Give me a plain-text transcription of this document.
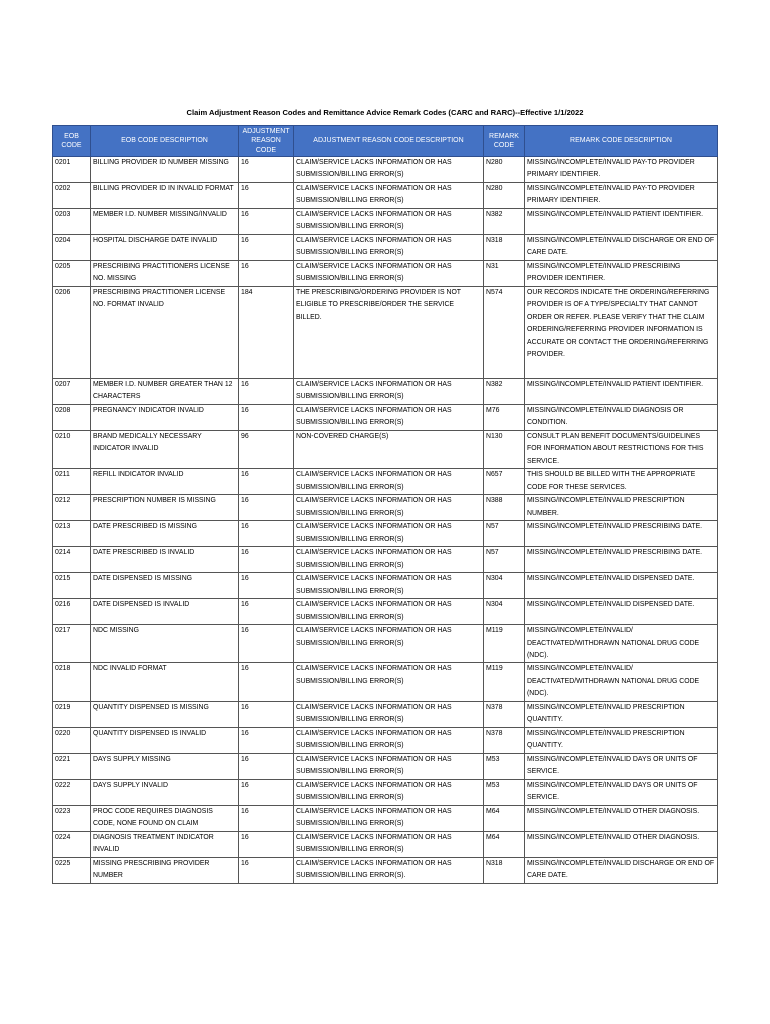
Claim Adjustment Reason Codes and Remittance Advice Remark Codes (CARC and RARC)--Effective 1/1/2022
EOB CODE	EOB CODE DESCRIPTION	ADJUSTMENT REASON CODE	ADJUSTMENT REASON CODE DESCRIPTION	REMARK CODE	REMARK CODE DESCRIPTION
0201	BILLING PROVIDER ID NUMBER MISSING	16	CLAIM/SERVICE LACKS INFORMATION OR HAS SUBMISSION/BILLING ERROR(S)	N280	MISSING/INCOMPLETE/INVALID PAY-TO PROVIDER PRIMARY IDENTIFIER.
0202	BILLING PROVIDER ID IN INVALID FORMAT	16	CLAIM/SERVICE LACKS INFORMATION OR HAS SUBMISSION/BILLING ERROR(S)	N280	MISSING/INCOMPLETE/INVALID PAY-TO PROVIDER PRIMARY IDENTIFIER.
0203	MEMBER I.D. NUMBER MISSING/INVALID	16	CLAIM/SERVICE LACKS INFORMATION OR HAS SUBMISSION/BILLING ERROR(S)	N382	MISSING/INCOMPLETE/INVALID PATIENT IDENTIFIER.
0204	HOSPITAL DISCHARGE DATE INVALID	16	CLAIM/SERVICE LACKS INFORMATION OR HAS SUBMISSION/BILLING ERROR(S)	N318	MISSING/INCOMPLETE/INVALID DISCHARGE OR END OF CARE DATE.
0205	PRESCRIBING PRACTITIONERS LICENSE NO. MISSING	16	CLAIM/SERVICE LACKS INFORMATION OR HAS SUBMISSION/BILLING ERROR(S)	N31	MISSING/INCOMPLETE/INVALID PRESCRIBING PROVIDER IDENTIFIER.
0206	PRESCRIBING PRACTITIONER LICENSE NO. FORMAT INVALID	184	THE PRESCRIBING/ORDERING PROVIDER IS NOT ELIGIBLE TO PRESCRIBE/ORDER THE SERVICE BILLED.	N574	OUR RECORDS INDICATE THE ORDERING/REFERRING PROVIDER IS OF A TYPE/SPECIALTY THAT CANNOT ORDER OR REFER. PLEASE VERIFY THAT THE CLAIM ORDERING/REFERRING PROVIDER INFORMATION IS ACCURATE OR CONTACT THE ORDERING/REFERRING PROVIDER.
0207	MEMBER I.D. NUMBER GREATER THAN 12 CHARACTERS	16	CLAIM/SERVICE LACKS INFORMATION OR HAS SUBMISSION/BILLING ERROR(S)	N382	MISSING/INCOMPLETE/INVALID PATIENT IDENTIFIER.
0208	PREGNANCY INDICATOR INVALID	16	CLAIM/SERVICE LACKS INFORMATION OR HAS SUBMISSION/BILLING ERROR(S)	M76	MISSING/INCOMPLETE/INVALID DIAGNOSIS OR CONDITION.
0210	BRAND MEDICALLY NECESSARY INDICATOR INVALID	96	NON-COVERED CHARGE(S)	N130	CONSULT PLAN BENEFIT DOCUMENTS/GUIDELINES FOR INFORMATION ABOUT RESTRICTIONS FOR THIS SERVICE.
0211	REFILL INDICATOR INVALID	16	CLAIM/SERVICE LACKS INFORMATION OR HAS SUBMISSION/BILLING ERROR(S)	N657	THIS SHOULD BE BILLED WITH THE APPROPRIATE CODE FOR THESE SERVICES.
0212	PRESCRIPTION NUMBER IS MISSING	16	CLAIM/SERVICE LACKS INFORMATION OR HAS SUBMISSION/BILLING ERROR(S)	N388	MISSING/INCOMPLETE/INVALID PRESCRIPTION NUMBER.
0213	DATE PRESCRIBED IS MISSING	16	CLAIM/SERVICE LACKS INFORMATION OR HAS SUBMISSION/BILLING ERROR(S)	N57	MISSING/INCOMPLETE/INVALID PRESCRIBING DATE.
0214	DATE PRESCRIBED IS INVALID	16	CLAIM/SERVICE LACKS INFORMATION OR HAS SUBMISSION/BILLING ERROR(S)	N57	MISSING/INCOMPLETE/INVALID PRESCRIBING DATE.
0215	DATE DISPENSED IS MISSING	16	CLAIM/SERVICE LACKS INFORMATION OR HAS SUBMISSION/BILLING ERROR(S)	N304	MISSING/INCOMPLETE/INVALID DISPENSED DATE.
0216	DATE DISPENSED IS INVALID	16	CLAIM/SERVICE LACKS INFORMATION OR HAS SUBMISSION/BILLING ERROR(S)	N304	MISSING/INCOMPLETE/INVALID DISPENSED DATE.
0217	NDC MISSING	16	CLAIM/SERVICE LACKS INFORMATION OR HAS SUBMISSION/BILLING ERROR(S)	M119	MISSING/INCOMPLETE/INVALID/ DEACTIVATED/WITHDRAWN NATIONAL DRUG CODE (NDC).
0218	NDC INVALID FORMAT	16	CLAIM/SERVICE LACKS INFORMATION OR HAS SUBMISSION/BILLING ERROR(S)	M119	MISSING/INCOMPLETE/INVALID/ DEACTIVATED/WITHDRAWN NATIONAL DRUG CODE (NDC).
0219	QUANTITY DISPENSED IS MISSING	16	CLAIM/SERVICE LACKS INFORMATION OR HAS SUBMISSION/BILLING ERROR(S)	N378	MISSING/INCOMPLETE/INVALID PRESCRIPTION QUANTITY.
0220	QUANTITY DISPENSED IS INVALID	16	CLAIM/SERVICE LACKS INFORMATION OR HAS SUBMISSION/BILLING ERROR(S)	N378	MISSING/INCOMPLETE/INVALID PRESCRIPTION QUANTITY.
0221	DAYS SUPPLY MISSING	16	CLAIM/SERVICE LACKS INFORMATION OR HAS SUBMISSION/BILLING ERROR(S)	M53	MISSING/INCOMPLETE/INVALID DAYS OR UNITS OF SERVICE.
0222	DAYS SUPPLY INVALID	16	CLAIM/SERVICE LACKS INFORMATION OR HAS SUBMISSION/BILLING ERROR(S)	M53	MISSING/INCOMPLETE/INVALID DAYS OR UNITS OF SERVICE.
0223	PROC CODE REQUIRES DIAGNOSIS CODE, NONE FOUND ON CLAIM	16	CLAIM/SERVICE LACKS INFORMATION OR HAS SUBMISSION/BILLING ERROR(S)	M64	MISSING/INCOMPLETE/INVALID OTHER DIAGNOSIS.
0224	DIAGNOSIS TREATMENT INDICATOR INVALID	16	CLAIM/SERVICE LACKS INFORMATION OR HAS SUBMISSION/BILLING ERROR(S)	M64	MISSING/INCOMPLETE/INVALID OTHER DIAGNOSIS.
0225	MISSING PRESCRIBING PROVIDER NUMBER	16	CLAIM/SERVICE LACKS INFORMATION OR HAS SUBMISSION/BILLING ERROR(S).	N318	MISSING/INCOMPLETE/INVALID DISCHARGE OR END OF CARE DATE.
